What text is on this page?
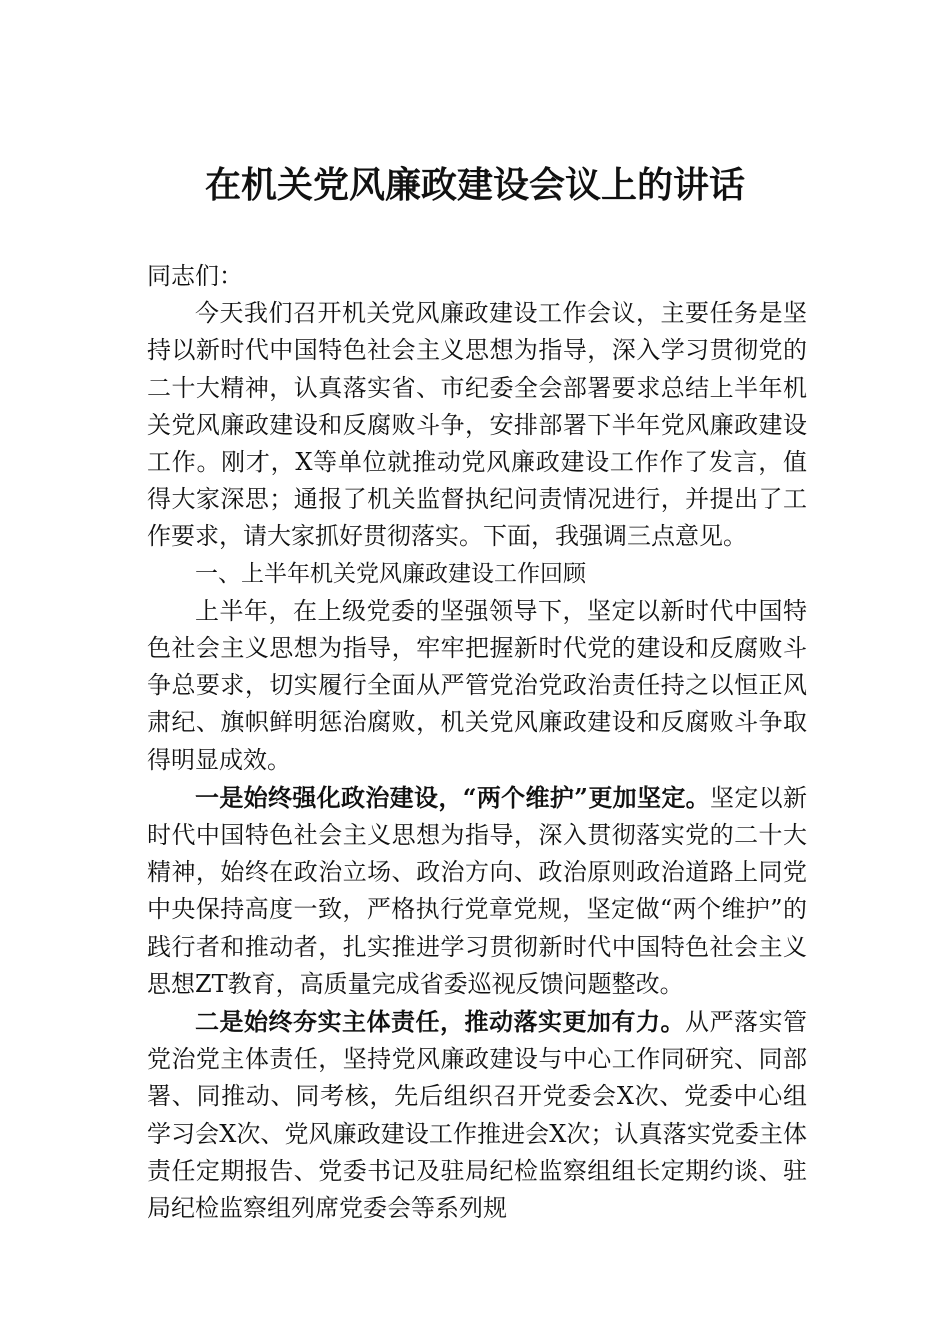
在机关党风廉政建设会议上的讲话

同志们：

今天我们召开机关党风廉政建设工作会议，主要任务是坚持以新时代中国特色社会主义思想为指导，深入学习贯彻党的二十大精神，认真落实省、市纪委全会部署要求总结上半年机关党风廉政建设和反腐败斗争，安排部署下半年党风廉政建设工作。刚才，X等单位就推动党风廉政建设工作作了发言，值得大家深思；通报了机关监督执纪问责情况进行，并提出了工作要求，请大家抓好贯彻落实。下面，我强调三点意见。

一、上半年机关党风廉政建设工作回顾

上半年，在上级党委的坚强领导下，坚定以新时代中国特色社会主义思想为指导，牢牢把握新时代党的建设和反腐败斗争总要求，切实履行全面从严管党治党政治责任持之以恒正风肃纪、旗帜鲜明惩治腐败，机关党风廉政建设和反腐败斗争取得明显成效。

一是始终强化政治建设，“两个维护”更加坚定。坚定以新时代中国特色社会主义思想为指导，深入贯彻落实党的二十大精神，始终在政治立场、政治方向、政治原则政治道路上同党中央保持高度一致，严格执行党章党规，坚定做“两个维护”的践行者和推动者，扎实推进学习贯彻新时代中国特色社会主义思想ZT教育，高质量完成省委巡视反馈问题整改。

二是始终夯实主体责任，推动落实更加有力。从严落实管党治党主体责任，坚持党风廉政建设与中心工作同研究、同部署、同推动、同考核，先后组织召开党委会X次、党委中心组学习会X次、党风廉政建设工作推进会X次；认真落实党委主体责任定期报告、党委书记及驻局纪检监察组组长定期约谈、驻局纪检监察组列席党委会等系列规
